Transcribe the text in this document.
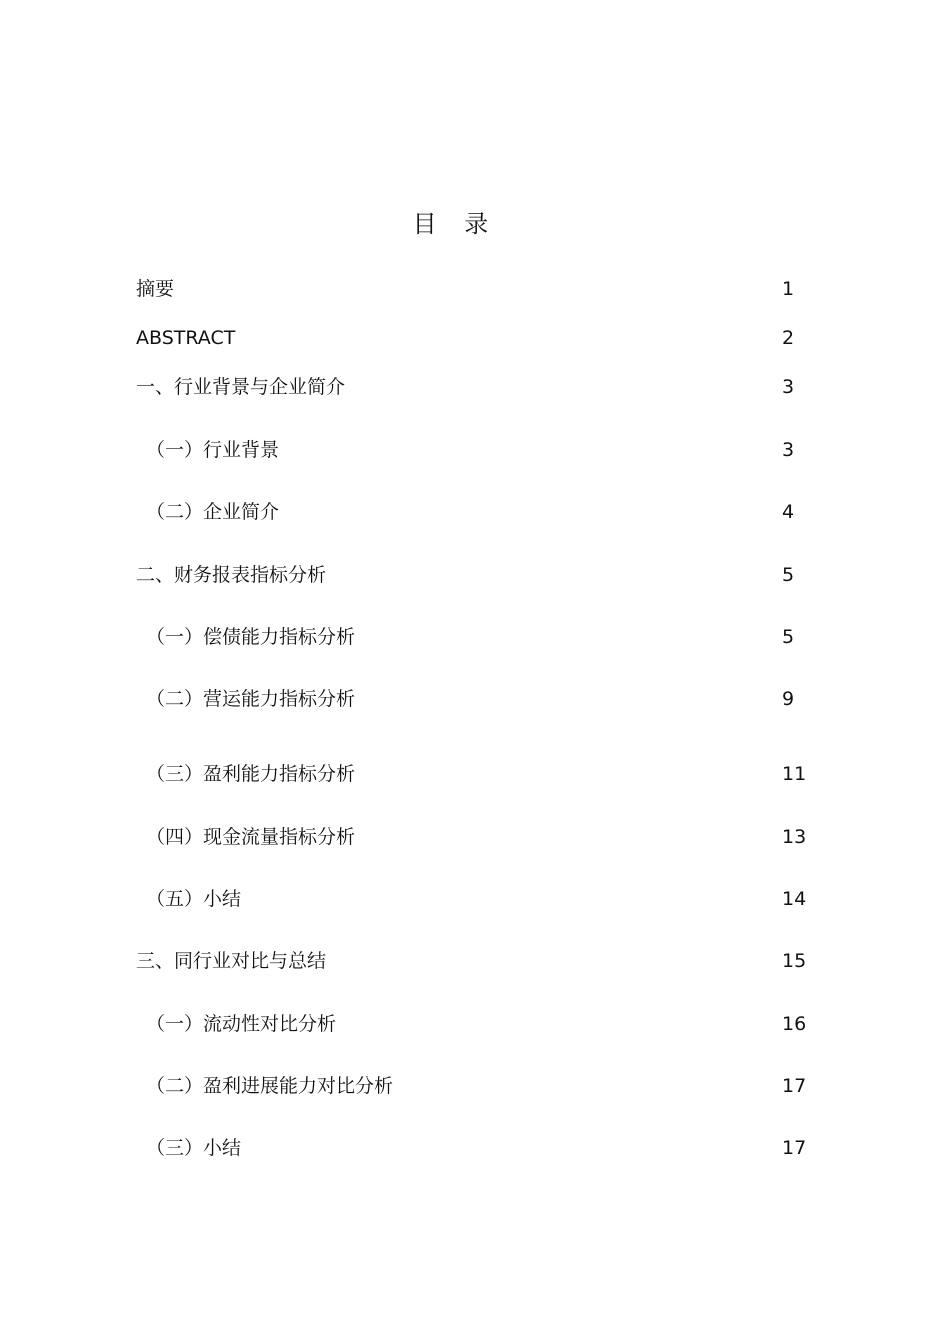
目 录
摘要	1
ABSTRACT	2
一、行业背景与企业简介	3
（一）行业背景	3
（二）企业简介	4
二、财务报表指标分析	5
（一）偿债能力指标分析	5
（二）营运能力指标分析	9
（三）盈利能力指标分析	11
（四）现金流量指标分析	13
（五）小结	14
三、同行业对比与总结	15
（一）流动性对比分析	16
（二）盈利进展能力对比分析	17
（三）小结	17
